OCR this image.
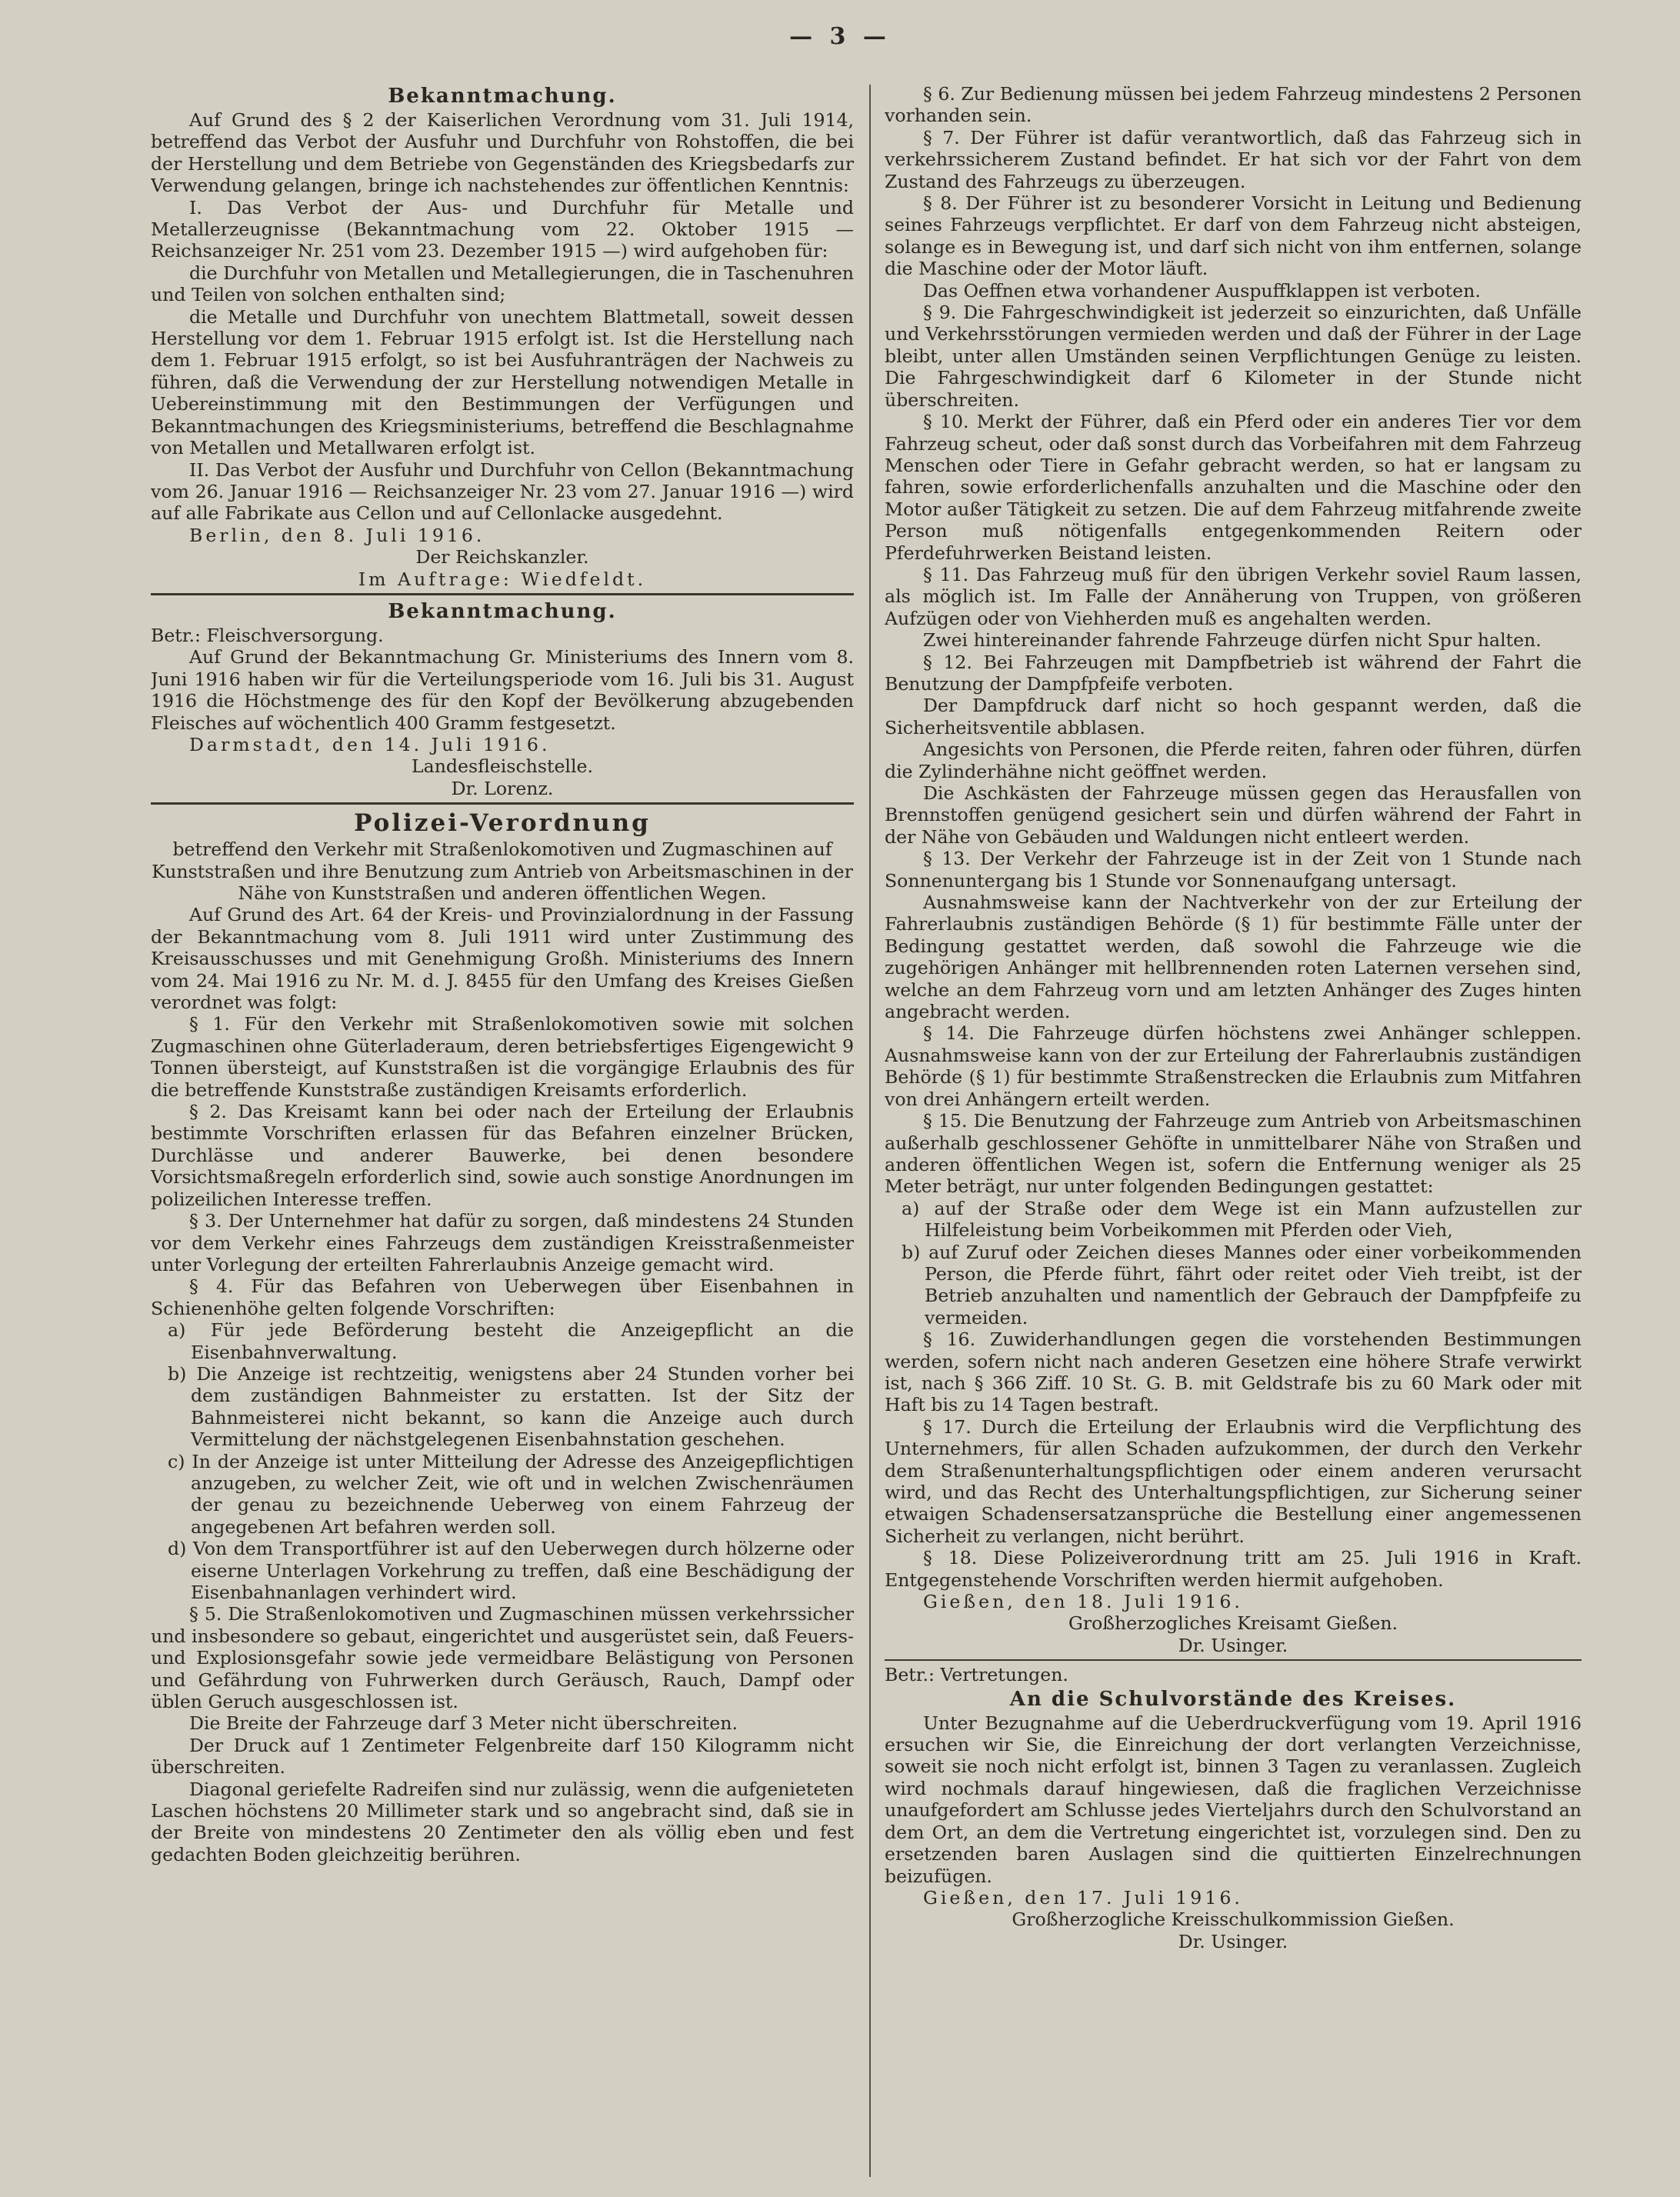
— 3 —
Bekanntmachung.

Auf Grund des § 2 der Kaiserlichen Verordnung vom 31. Juli 1914, betreffend das Verbot der Ausfuhr und Durchfuhr von Rohstoffen, die bei der Herstellung und dem Betriebe von Gegenständen des Kriegsbedarfs zur Verwendung gelangen, bringe ich nachstehendes zur öffentlichen Kenntnis:

I. Das Verbot der Aus- und Durchfuhr für Metalle und Metallerzeugnisse (Bekanntmachung vom 22. Oktober 1915 — Reichsanzeiger Nr. 251 vom 23. Dezember 1915 —) wird aufgehoben für:

die Durchfuhr von Metallen und Metallegierungen, die in Taschenuhren und Teilen von solchen enthalten sind;

die Metalle und Durchfuhr von unechtem Blattmetall, soweit dessen Herstellung vor dem 1. Februar 1915 erfolgt ist. Ist die Herstellung nach dem 1. Februar 1915 erfolgt, so ist bei Ausfuhranträgen der Nachweis zu führen, daß die Verwendung der zur Herstellung notwendigen Metalle in Uebereinstimmung mit den Bestimmungen der Verfügungen und Bekanntmachungen des Kriegsministeriums, betreffend die Beschlagnahme von Metallen und Metallwaren erfolgt ist.

II. Das Verbot der Ausfuhr und Durchfuhr von Cellon (Bekanntmachung vom 26. Januar 1916 — Reichsanzeiger Nr. 23 vom 27. Januar 1916 —) wird auf alle Fabrikate aus Cellon und auf Cellonlacke ausgedehnt.

Berlin, den 8. Juli 1916.

Der Reichskanzler.

Im Auftrage: Wiedfeldt.

Bekanntmachung.

Betr.: Fleischversorgung.

Auf Grund der Bekanntmachung Gr. Ministeriums des Innern vom 8. Juni 1916 haben wir für die Verteilungsperiode vom 16. Juli bis 31. August 1916 die Höchstmenge des für den Kopf der Bevölkerung abzugebenden Fleisches auf wöchentlich 400 Gramm festgesetzt.

Darmstadt, den 14. Juli 1916.

Landesfleischstelle.

Dr. Lorenz.

Polizei-Verordnung

betreffend den Verkehr mit Straßenlokomotiven und Zugmaschinen auf Kunststraßen und ihre Benutzung zum Antrieb von Arbeitsmaschinen in der Nähe von Kunststraßen und anderen öffentlichen Wegen.

Auf Grund des Art. 64 der Kreis- und Provinzialordnung in der Fassung der Bekanntmachung vom 8. Juli 1911 wird unter Zustimmung des Kreisausschusses und mit Genehmigung Großh. Ministeriums des Innern vom 24. Mai 1916 zu Nr. M. d. J. 8455 für den Umfang des Kreises Gießen verordnet was folgt:

§ 1. Für den Verkehr mit Straßenlokomotiven sowie mit solchen Zugmaschinen ohne Güterladeraum, deren betriebsfertiges Eigengewicht 9 Tonnen übersteigt, auf Kunststraßen ist die vorgängige Erlaubnis des für die betreffende Kunststraße zuständigen Kreisamts erforderlich.

§ 2. Das Kreisamt kann bei oder nach der Erteilung der Erlaubnis bestimmte Vorschriften erlassen für das Befahren einzelner Brücken, Durchlässe und anderer Bauwerke, bei denen besondere Vorsichtsmaßregeln erforderlich sind, sowie auch sonstige Anordnungen im polizeilichen Interesse treffen.

§ 3. Der Unternehmer hat dafür zu sorgen, daß mindestens 24 Stunden vor dem Verkehr eines Fahrzeugs dem zuständigen Kreisstraßenmeister unter Vorlegung der erteilten Fahrerlaubnis Anzeige gemacht wird.

§ 4. Für das Befahren von Ueberwegen über Eisenbahnen in Schienenhöhe gelten folgende Vorschriften:

a) Für jede Beförderung besteht die Anzeigepflicht an die Eisenbahnverwaltung.

b) Die Anzeige ist rechtzeitig, wenigstens aber 24 Stunden vorher bei dem zuständigen Bahnmeister zu erstatten. Ist der Sitz der Bahnmeisterei nicht bekannt, so kann die Anzeige auch durch Vermittelung der nächstgelegenen Eisenbahnstation geschehen.

c) In der Anzeige ist unter Mitteilung der Adresse des Anzeigepflichtigen anzugeben, zu welcher Zeit, wie oft und in welchen Zwischenräumen der genau zu bezeichnende Ueberweg von einem Fahrzeug der angegebenen Art befahren werden soll.

d) Von dem Transportführer ist auf den Ueberwegen durch hölzerne oder eiserne Unterlagen Vorkehrung zu treffen, daß eine Beschädigung der Eisenbahnanlagen verhindert wird.

§ 5. Die Straßenlokomotiven und Zugmaschinen müssen verkehrssicher und insbesondere so gebaut, eingerichtet und ausgerüstet sein, daß Feuers- und Explosionsgefahr sowie jede vermeidbare Belästigung von Personen und Gefährdung von Fuhrwerken durch Geräusch, Rauch, Dampf oder üblen Geruch ausgeschlossen ist.

Die Breite der Fahrzeuge darf 3 Meter nicht überschreiten.

Der Druck auf 1 Zentimeter Felgenbreite darf 150 Kilogramm nicht überschreiten.

Diagonal geriefelte Radreifen sind nur zulässig, wenn die aufgenieteten Laschen höchstens 20 Millimeter stark und so angebracht sind, daß sie in der Breite von mindestens 20 Zentimeter den als völlig eben und fest gedachten Boden gleichzeitig berühren.

§ 6. Zur Bedienung müssen bei jedem Fahrzeug mindestens 2 Personen vorhanden sein.

§ 7. Der Führer ist dafür verantwortlich, daß das Fahrzeug sich in verkehrssicherem Zustand befindet. Er hat sich vor der Fahrt von dem Zustand des Fahrzeugs zu überzeugen.

§ 8. Der Führer ist zu besonderer Vorsicht in Leitung und Bedienung seines Fahrzeugs verpflichtet. Er darf von dem Fahrzeug nicht absteigen, solange es in Bewegung ist, und darf sich nicht von ihm entfernen, solange die Maschine oder der Motor läuft.

Das Oeffnen etwa vorhandener Auspuffklappen ist verboten.

§ 9. Die Fahrgeschwindigkeit ist jederzeit so einzurichten, daß Unfälle und Verkehrsstörungen vermieden werden und daß der Führer in der Lage bleibt, unter allen Umständen seinen Verpflichtungen Genüge zu leisten. Die Fahrgeschwindigkeit darf 6 Kilometer in der Stunde nicht überschreiten.

§ 10. Merkt der Führer, daß ein Pferd oder ein anderes Tier vor dem Fahrzeug scheut, oder daß sonst durch das Vorbeifahren mit dem Fahrzeug Menschen oder Tiere in Gefahr gebracht werden, so hat er langsam zu fahren, sowie erforderlichenfalls anzuhalten und die Maschine oder den Motor außer Tätigkeit zu setzen. Die auf dem Fahrzeug mitfahrende zweite Person muß nötigenfalls entgegenkommenden Reitern oder Pferdefuhrwerken Beistand leisten.

§ 11. Das Fahrzeug muß für den übrigen Verkehr soviel Raum lassen, als möglich ist. Im Falle der Annäherung von Truppen, von größeren Aufzügen oder von Viehherden muß es angehalten werden.

Zwei hintereinander fahrende Fahrzeuge dürfen nicht Spur halten.

§ 12. Bei Fahrzeugen mit Dampfbetrieb ist während der Fahrt die Benutzung der Dampfpfeife verboten.

Der Dampfdruck darf nicht so hoch gespannt werden, daß die Sicherheitsventile abblasen.

Angesichts von Personen, die Pferde reiten, fahren oder führen, dürfen die Zylinderhähne nicht geöffnet werden.

Die Aschkästen der Fahrzeuge müssen gegen das Herausfallen von Brennstoffen genügend gesichert sein und dürfen während der Fahrt in der Nähe von Gebäuden und Waldungen nicht entleert werden.

§ 13. Der Verkehr der Fahrzeuge ist in der Zeit von 1 Stunde nach Sonnenuntergang bis 1 Stunde vor Sonnenaufgang untersagt.

Ausnahmsweise kann der Nachtverkehr von der zur Erteilung der Fahrerlaubnis zuständigen Behörde (§ 1) für bestimmte Fälle unter der Bedingung gestattet werden, daß sowohl die Fahrzeuge wie die zugehörigen Anhänger mit hellbrennenden roten Laternen versehen sind, welche an dem Fahrzeug vorn und am letzten Anhänger des Zuges hinten angebracht werden.

§ 14. Die Fahrzeuge dürfen höchstens zwei Anhänger schleppen. Ausnahmsweise kann von der zur Erteilung der Fahrerlaubnis zuständigen Behörde (§ 1) für bestimmte Straßenstrecken die Erlaubnis zum Mitfahren von drei Anhängern erteilt werden.

§ 15. Die Benutzung der Fahrzeuge zum Antrieb von Arbeitsmaschinen außerhalb geschlossener Gehöfte in unmittelbarer Nähe von Straßen und anderen öffentlichen Wegen ist, sofern die Entfernung weniger als 25 Meter beträgt, nur unter folgenden Bedingungen gestattet:

a) auf der Straße oder dem Wege ist ein Mann aufzustellen zur Hilfeleistung beim Vorbeikommen mit Pferden oder Vieh,

b) auf Zuruf oder Zeichen dieses Mannes oder einer vorbeikommenden Person, die Pferde führt, fährt oder reitet oder Vieh treibt, ist der Betrieb anzuhalten und namentlich der Gebrauch der Dampfpfeife zu vermeiden.

§ 16. Zuwiderhandlungen gegen die vorstehenden Bestimmungen werden, sofern nicht nach anderen Gesetzen eine höhere Strafe verwirkt ist, nach § 366 Ziff. 10 St. G. B. mit Geldstrafe bis zu 60 Mark oder mit Haft bis zu 14 Tagen bestraft.

§ 17. Durch die Erteilung der Erlaubnis wird die Verpflichtung des Unternehmers, für allen Schaden aufzukommen, der durch den Verkehr dem Straßenunterhaltungspflichtigen oder einem anderen verursacht wird, und das Recht des Unterhaltungspflichtigen, zur Sicherung seiner etwaigen Schadensersatzansprüche die Bestellung einer angemessenen Sicherheit zu verlangen, nicht berührt.

§ 18. Diese Polizeiverordnung tritt am 25. Juli 1916 in Kraft. Entgegenstehende Vorschriften werden hiermit aufgehoben.

Gießen, den 18. Juli 1916.

Großherzogliches Kreisamt Gießen.

Dr. Usinger.

Betr.: Vertretungen.

An die Schulvorstände des Kreises.

Unter Bezugnahme auf die Ueberdruckverfügung vom 19. April 1916 ersuchen wir Sie, die Einreichung der dort verlangten Verzeichnisse, soweit sie noch nicht erfolgt ist, binnen 3 Tagen zu veranlassen. Zugleich wird nochmals darauf hingewiesen, daß die fraglichen Verzeichnisse unaufgefordert am Schlusse jedes Vierteljahrs durch den Schulvorstand an dem Ort, an dem die Vertretung eingerichtet ist, vorzulegen sind. Den zu ersetzenden baren Auslagen sind die quittierten Einzelrechnungen beizufügen.

Gießen, den 17. Juli 1916.

Großherzogliche Kreisschulkommission Gießen.

Dr. Usinger.
